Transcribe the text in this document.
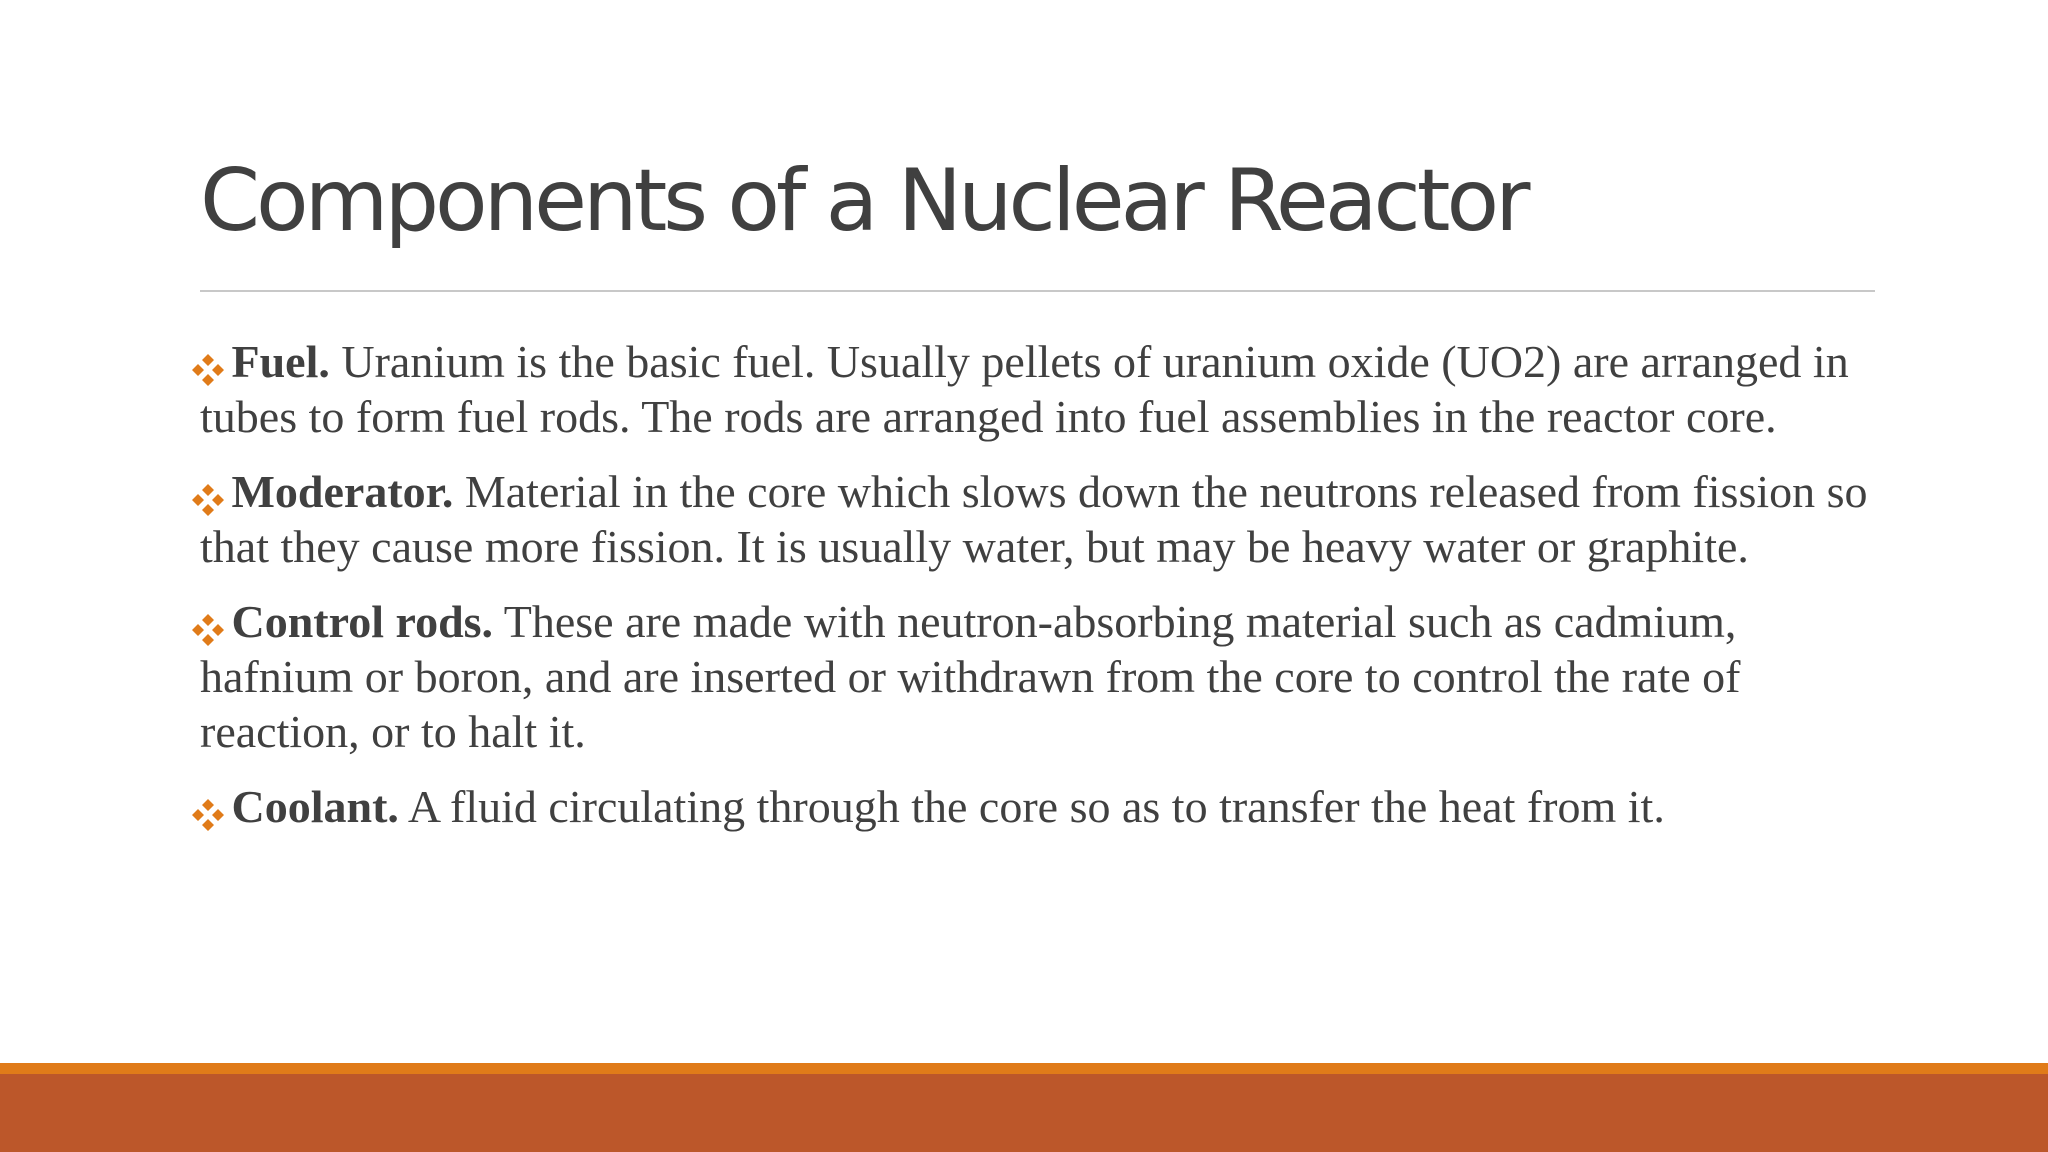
Components of a Nuclear Reactor
Fuel. Uranium is the basic fuel. Usually pellets of uranium oxide (UO2) are arranged in tubes to form fuel rods. The rods are arranged into fuel assemblies in the reactor core.
Moderator. Material in the core which slows down the neutrons released from fission so that they cause more fission. It is usually water, but may be heavy water or graphite.
Control rods. These are made with neutron-absorbing material such as cadmium, hafnium or boron, and are inserted or withdrawn from the core to control the rate of reaction, or to halt it.
Coolant. A fluid circulating through the core so as to transfer the heat from it.
